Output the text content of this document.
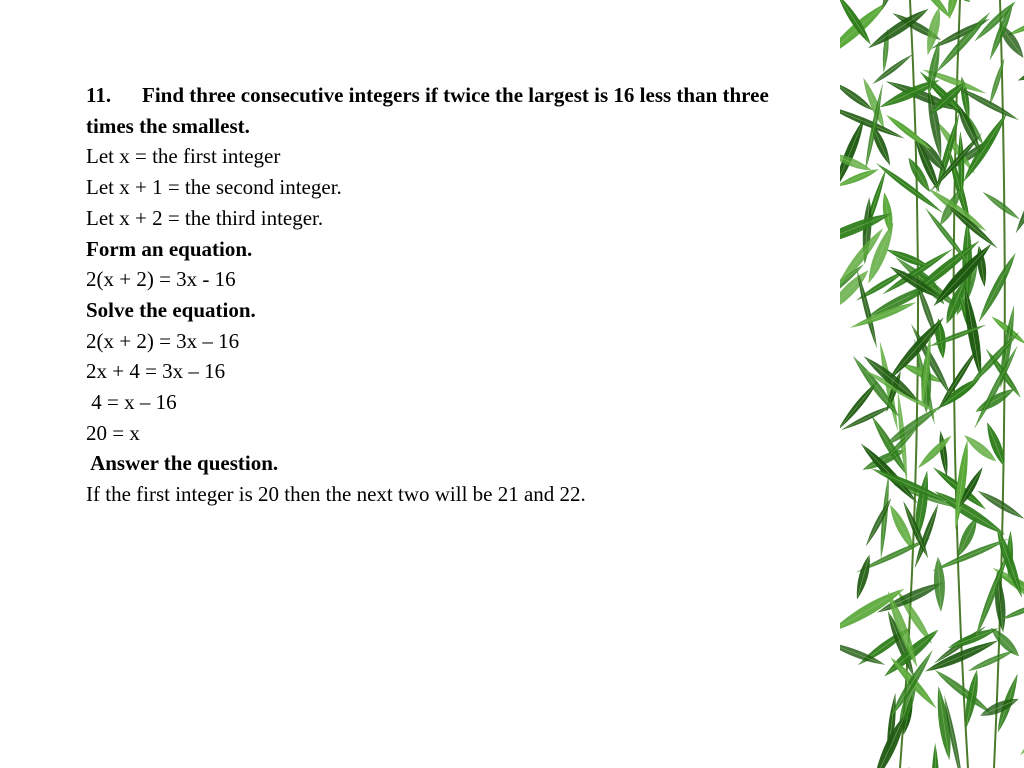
11. Find three consecutive integers if twice the largest is 16 less than three times the smallest.
Let x = the first integer
Let x + 1 = the second integer.
Let x + 2 = the third integer.
Form an equation.
2(x + 2) = 3x - 16
Solve the equation.
2(x + 2) = 3x – 16
2x + 4 = 3x – 16
4 = x – 16
20 = x
Answer the question.
If the first integer is 20 then the next two will be 21 and 22.
